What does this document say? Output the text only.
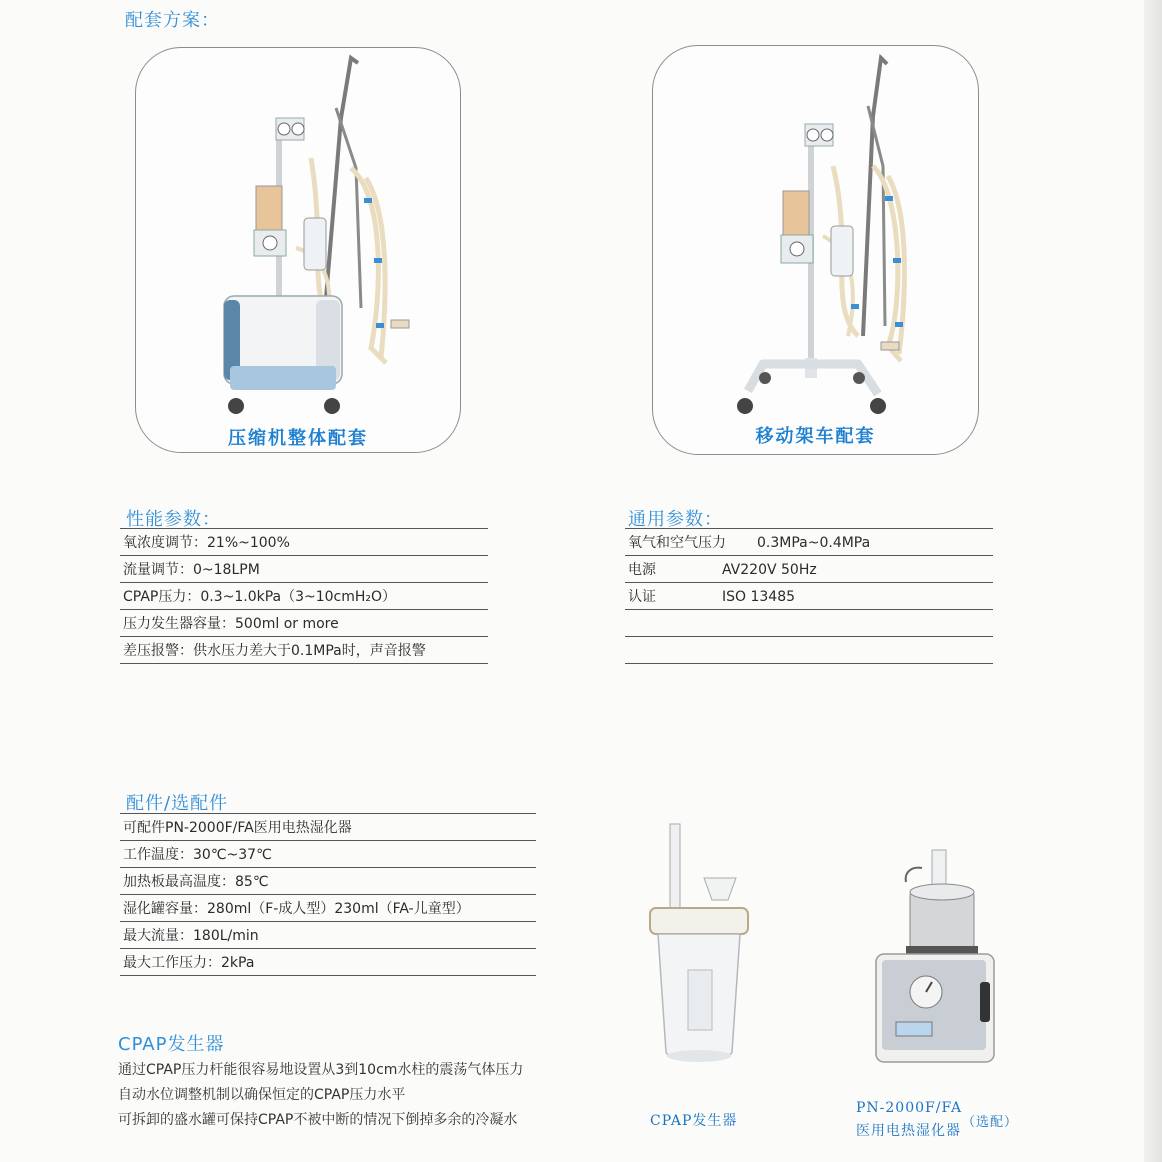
配套方案：
压缩机整体配套	移动架车配套
性能参数：
氧浓度调节：21%~100%
流量调节：0~18LPM
CPAP压力：0.3~1.0kPa（3~10cmH₂O）
压力发生器容量：500ml or more
差压报警：供水压力差大于0.1MPa时，声音报警
通用参数：
氧气和空气压力 0.3MPa~0.4MPa
电源	AV220V 50Hz
认证	ISO 13485
配件/选配件
可配件PN-2000F/FA医用电热湿化器
工作温度：30℃~37℃
加热板最高温度：85℃
湿化罐容量：280ml（F-成人型）230ml（FA-儿童型）
最大流量：180L/min
最大工作压力：2kPa
CPAP发生器
通过CPAP压力杆能很容易地设置从3到10cm水柱的震荡气体压力
自动水位调整机制以确保恒定的CPAP压力水平
可拆卸的盛水罐可保持CPAP不被中断的情况下倒掉多余的冷凝水	CPAP发生器
PN-2000F/FA
医用电热湿化器
（选配）
